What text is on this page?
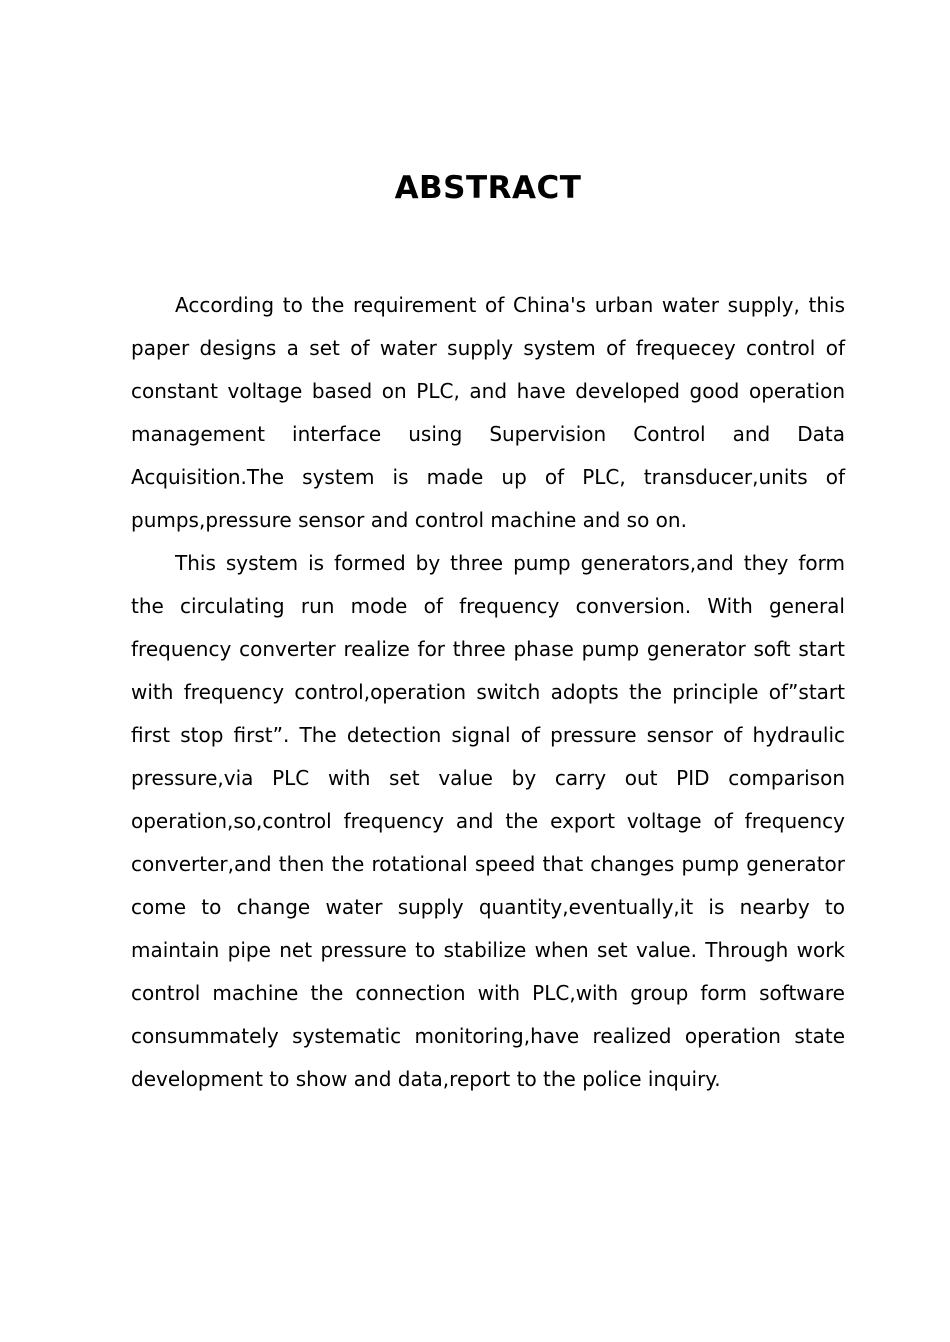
ABSTRACT

According to the requirement of China's urban water supply, this paper designs a set of water supply system of frequecey control of constant voltage based on PLC, and have developed good operation management interface using Supervision Control and Data Acquisition.The system is made up of PLC, transducer,units of pumps,pressure sensor and control machine and so on.

This system is formed by three pump generators,and they form the circulating run mode of frequency conversion. With general frequency converter realize for three phase pump generator soft start with frequency control,operation switch adopts the principle of”start first stop first”. The detection signal of pressure sensor of hydraulic pressure,via PLC with set value by carry out PID comparison operation,so,control frequency and the export voltage of frequency converter,and then the rotational speed that changes pump generator come to change water supply quantity,eventually,it is nearby to maintain pipe net pressure to stabilize when set value. Through work control machine the connection with PLC,with group form software consummately systematic monitoring,have realized operation state development to show and data,report to the police inquiry.
